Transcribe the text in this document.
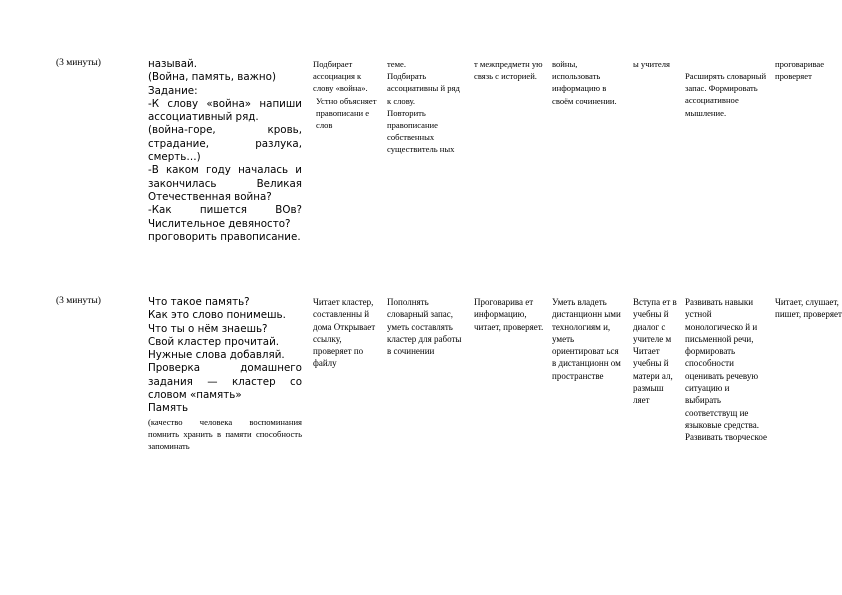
(3 минуты)	называй.
(Война, память, важно)
Задание:
-К слову «война» напиши ассоциативный ряд.
(война-горе, кровь, страдание, разлука, смерть…)
-В каком году началась и закончилась Великая Отечественная война?
-Как пишется ВОв? Числительное девяносто?
проговорить правописание.
Подбирает ассоциация к слову «война».
Устно объясняет правописани е слов
теме.
Подбирать ассоциативны й ряд к слову.
Повторить правописание собственных существитель ных
т межпредметн ую связь с историей.
войны, использовать информацию в своём сочинении.
ы учителя
Расширять словарный запас. Формировать ассоциативное мышление.
проговаривае проверяет
(3 минуты)	Что такое память?
Как это слово понимешь.
Что ты о нём знаешь?
Свой кластер прочитай.
Нужные слова добавляй.
Проверка домашнего задания — кластер со словом «память»
Память
(качество человека воспоминания помнить хранить в памяти способность запоминать
Читает кластер, составленны й дома Открывает ссылку, проверяет по файлу
Пополнять словарный запас, уметь составлять кластер для работы в сочинении
Проговарива ет информацию, читает, проверяет.
Уметь владеть дистанционн ыми технологиям и, уметь ориентироват ься в дистанционн ом пространстве
Вступа ет в учебны й диалог с учителе м Читает учебны й матери ал, размыш ляет
Развивать навыки устной монологическо й и письменной речи, формировать способности оценивать речевую ситуацию и выбирать соответствущ ие языковые средства. Развивать творческое
Читает, слушает, пишет, проверяет
